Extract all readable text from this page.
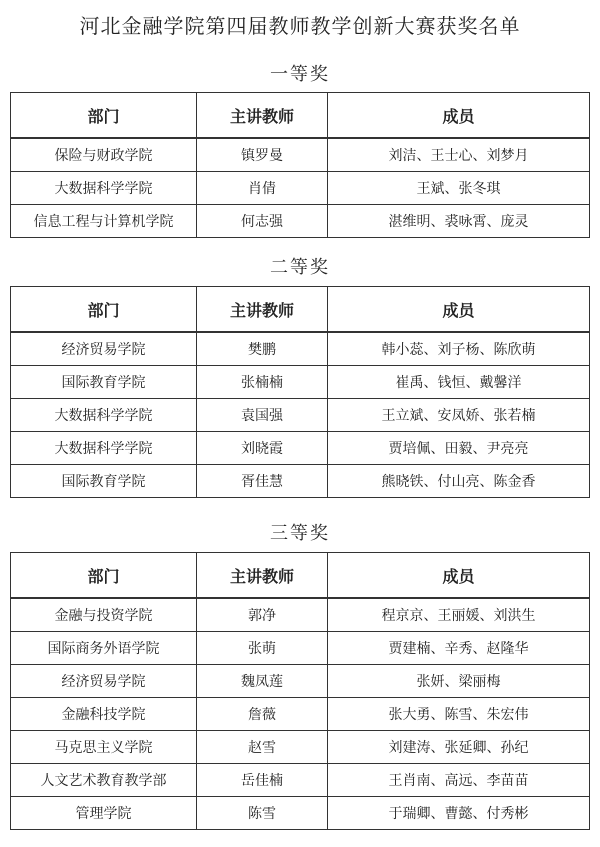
河北金融学院第四届教师教学创新大赛获奖名单
一等奖
部门	主讲教师	成员
保险与财政学院	镇罗曼	刘洁、王士心、刘梦月
大数据科学学院	肖倩	王斌、张冬琪
信息工程与计算机学院	何志强	湛维明、裘咏霄、庞灵
二等奖
部门	主讲教师	成员
经济贸易学院	樊鹏	韩小蕊、刘子杨、陈欣萌
国际教育学院	张楠楠	崔禹、钱恒、戴馨洋
大数据科学学院	袁国强	王立斌、安凤娇、张若楠
大数据科学学院	刘晓霞	贾培佩、田毅、尹亮亮
国际教育学院	胥佳慧	熊晓铁、付山亮、陈金香
三等奖
部门	主讲教师	成员
金融与投资学院	郭净	程京京、王丽媛、刘洪生
国际商务外语学院	张萌	贾建楠、辛秀、赵隆华
经济贸易学院	魏凤莲	张妍、梁丽梅
金融科技学院	詹薇	张大勇、陈雪、朱宏伟
马克思主义学院	赵雪	刘建涛、张延卿、孙纪
人文艺术教育教学部	岳佳楠	王肖南、高远、李苗苗
管理学院	陈雪	于瑞卿、曹懿、付秀彬
